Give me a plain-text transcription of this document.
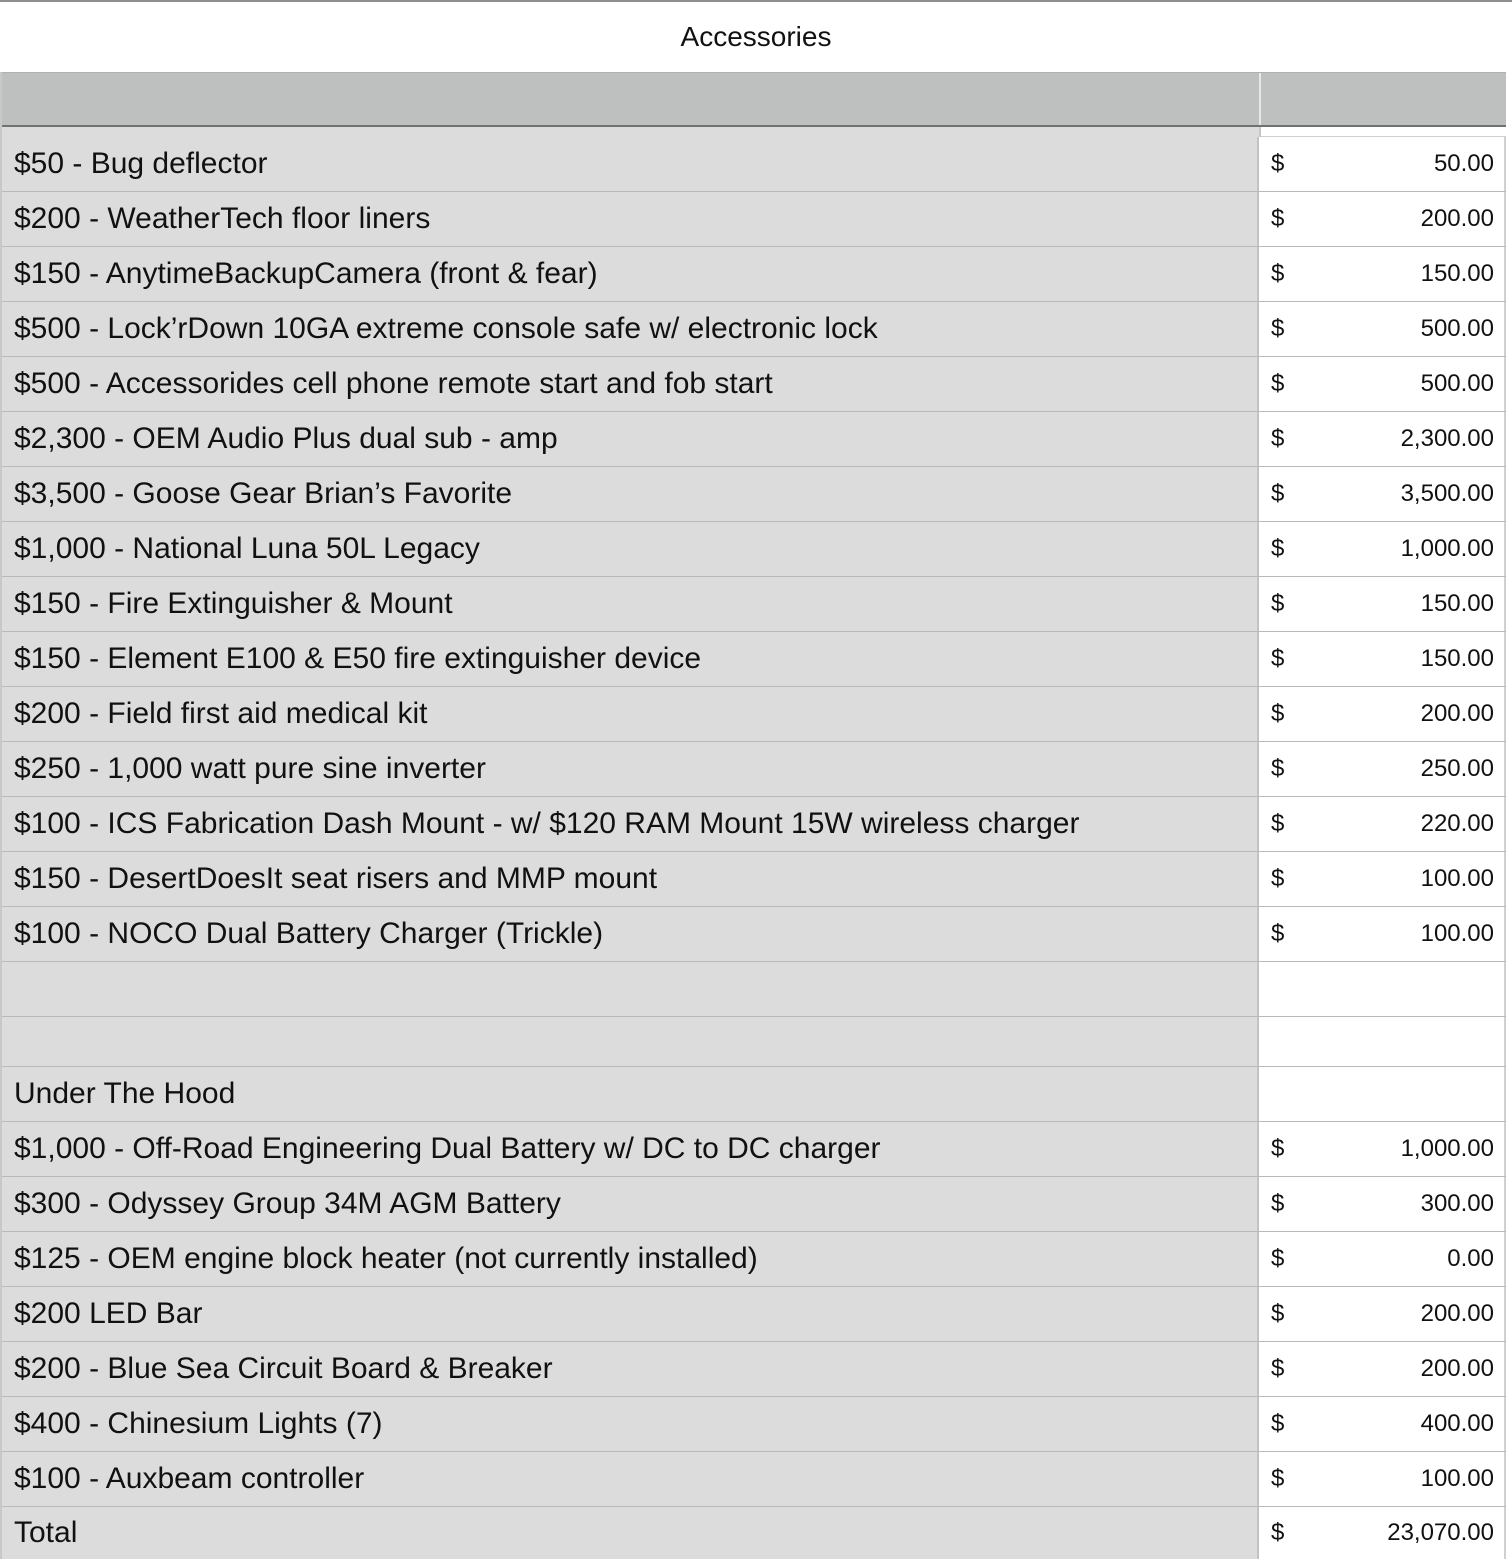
Accessories
$50 - Bug deflector	$	50.00
$200 - WeatherTech floor liners	$	200.00
$150 - AnytimeBackupCamera (front & fear)	$	150.00
$500 - Lock’rDown 10GA extreme console safe w/ electronic lock	$	500.00
$500 - Accessorides cell phone remote start and fob start	$	500.00
$2,300 - OEM Audio Plus dual sub - amp	$	2,300.00
$3,500 - Goose Gear Brian’s Favorite	$	3,500.00
$1,000 - National Luna 50L Legacy	$	1,000.00
$150 - Fire Extinguisher & Mount	$	150.00
$150 - Element E100 & E50 fire extinguisher device	$	150.00
$200 - Field first aid medical kit	$	200.00
$250 - 1,000 watt pure sine inverter	$	250.00
$100 - ICS Fabrication Dash Mount - w/ $120 RAM Mount 15W wireless charger	$	220.00
$150 - DesertDoesIt seat risers and MMP mount	$	100.00
$100 - NOCO Dual Battery Charger (Trickle)	$	100.00
Under The Hood
$1,000 - Off-Road Engineering Dual Battery w/ DC to DC charger	$	1,000.00
$300 - Odyssey Group 34M AGM Battery	$	300.00
$125 - OEM engine block heater (not currently installed)	$	0.00
$200 LED Bar	$	200.00
$200 - Blue Sea Circuit Board & Breaker	$	200.00
$400 - Chinesium Lights (7)	$	400.00
$100 - Auxbeam controller	$	100.00
Total	$	23,070.00
